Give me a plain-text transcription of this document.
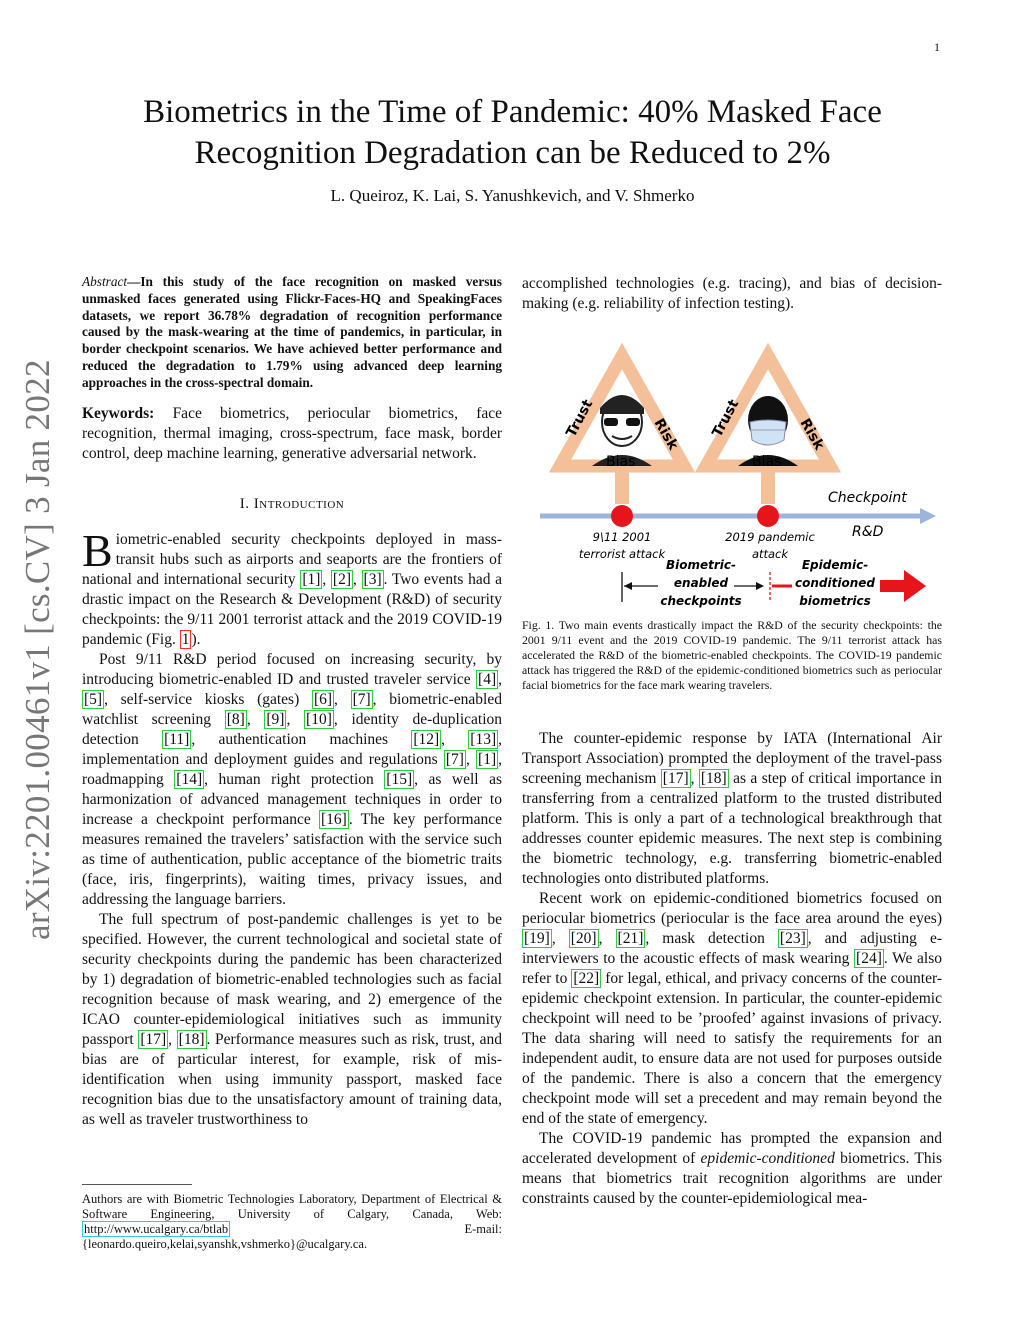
1
arXiv:2201.00461v1 [cs.CV] 3 Jan 2022
Biometrics in the Time of Pandemic: 40% Masked Face
Recognition Degradation can be Reduced to 2%
L. Queiroz, K. Lai, S. Yanushkevich, and V. Shmerko

Abstract—In this study of the face recognition on masked versus unmasked faces generated using Flickr-Faces-HQ and SpeakingFaces datasets, we report 36.78% degradation of recognition performance caused by the mask-wearing at the time of pandemics, in particular, in border checkpoint scenarios. We have achieved better performance and reduced the degradation to 1.79% using advanced deep learning approaches in the cross-spectral domain.

Keywords: Face biometrics, periocular biometrics, face recognition, thermal imaging, cross-spectrum, face mask, border control, deep machine learning, generative adversarial network.

I. Introduction

Biometric-enabled security checkpoints deployed in mass-transit hubs such as airports and seaports are the frontiers of national and international security [1] , [2] , [3] . Two events had a drastic impact on the Research & Development (R&D) of security checkpoints: the 9/11 2001 terrorist attack and the 2019 COVID-19 pandemic (Fig. 1 ).

Post 9/11 R&D period focused on increasing security, by introducing biometric-enabled ID and trusted traveler service [4] , [5] , self-service kiosks (gates) [6] , [7] , biometric-enabled watchlist screening [8] , [9] , [10] , identity de-duplication detection [11] , authentication machines [12] , [13] , implementation and deployment guides and regulations [7] , [1] , roadmapping [14] , human right protection [15] , as well as harmonization of advanced management techniques in order to increase a checkpoint performance [16] . The key performance measures remained the travelers’ satisfaction with the service such as time of authentication, public acceptance of the biometric traits (face, iris, fingerprints), waiting times, privacy issues, and addressing the language barriers.

The full spectrum of post-pandemic challenges is yet to be specified. However, the current technological and societal state of security checkpoints during the pandemic has been characterized by 1) degradation of biometric-enabled technologies such as facial recognition because of mask wearing, and 2) emergence of the ICAO counter-epidemiological initiatives such as immunity passport [17] , [18] . Performance measures such as risk, trust, and bias are of particular interest, for example, risk of mis-identification when using immunity passport, masked face recognition bias due to the unsatisfactory amount of training data, as well as traveler trustworthiness to

Authors are with Biometric Technologies Laboratory, Department of Electrical & Software Engineering, University of Calgary, Canada, Web: http://www.ucalgary.ca/btlab E-mail: {leonardo.queiro,kelai,syanshk,vshmerko}@ucalgary.ca.

accomplished technologies (e.g. tracing), and bias of decision-making (e.g. reliability of infection testing).

Trust	Risk
Bias
Trust	Risk
Bias
Checkpoint
R&D
9\11 2001
terrorist attack
2019 pandemic
attack
Biometric-
enabled
checkpoints
Epidemic-
conditioned
biometrics
Fig. 1. Two main events drastically impact the R&D of the security checkpoints: the 2001 9/11 event and the 2019 COVID-19 pandemic. The 9/11 terrorist attack has accelerated the R&D of the biometric-enabled checkpoints. The COVID-19 pandemic attack has triggered the R&D of the epidemic-conditioned biometrics such as periocular facial biometrics for the face mark wearing travelers.

The counter-epidemic response by IATA (International Air Transport Association) prompted the deployment of the travel-pass screening mechanism [17] , [18] as a step of critical importance in transferring from a centralized platform to the trusted distributed platform. This is only a part of a technological breakthrough that addresses counter epidemic measures. The next step is combining the biometric technology, e.g. transferring biometric-enabled technologies onto distributed platforms.

Recent work on epidemic-conditioned biometrics focused on periocular biometrics (periocular is the face area around the eyes) [19] , [20] , [21] , mask detection [23] , and adjusting e-interviewers to the acoustic effects of mask wearing [24] . We also refer to [22] for legal, ethical, and privacy concerns of the counter-epidemic checkpoint extension. In particular, the counter-epidemic checkpoint will need to be ’proofed’ against invasions of privacy. The data sharing will need to satisfy the requirements for an independent audit, to ensure data are not used for purposes outside of the pandemic. There is also a concern that the emergency checkpoint mode will set a precedent and may remain beyond the end of the state of emergency.

The COVID-19 pandemic has prompted the expansion and accelerated development of epidemic-conditioned biometrics. This means that biometrics trait recognition algorithms are under constraints caused by the counter-epidemiological mea-
